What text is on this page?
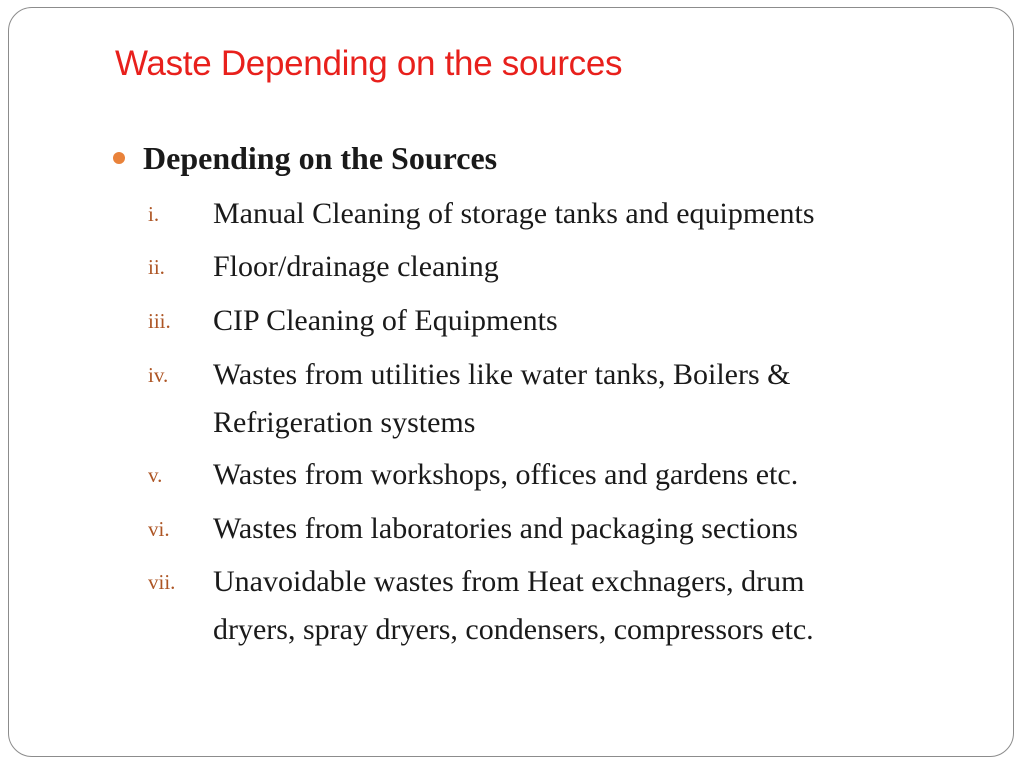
Waste Depending on the sources
Depending on the Sources
i. Manual Cleaning of storage tanks and equipments
ii. Floor/drainage cleaning
iii. CIP Cleaning of Equipments
iv. Wastes from utilities like water tanks, Boilers &
Refrigeration systems
v. Wastes from workshops, offices and gardens etc.
vi. Wastes from laboratories and packaging sections
vii. Unavoidable wastes from Heat exchnagers, drum
dryers, spray dryers, condensers, compressors etc.
